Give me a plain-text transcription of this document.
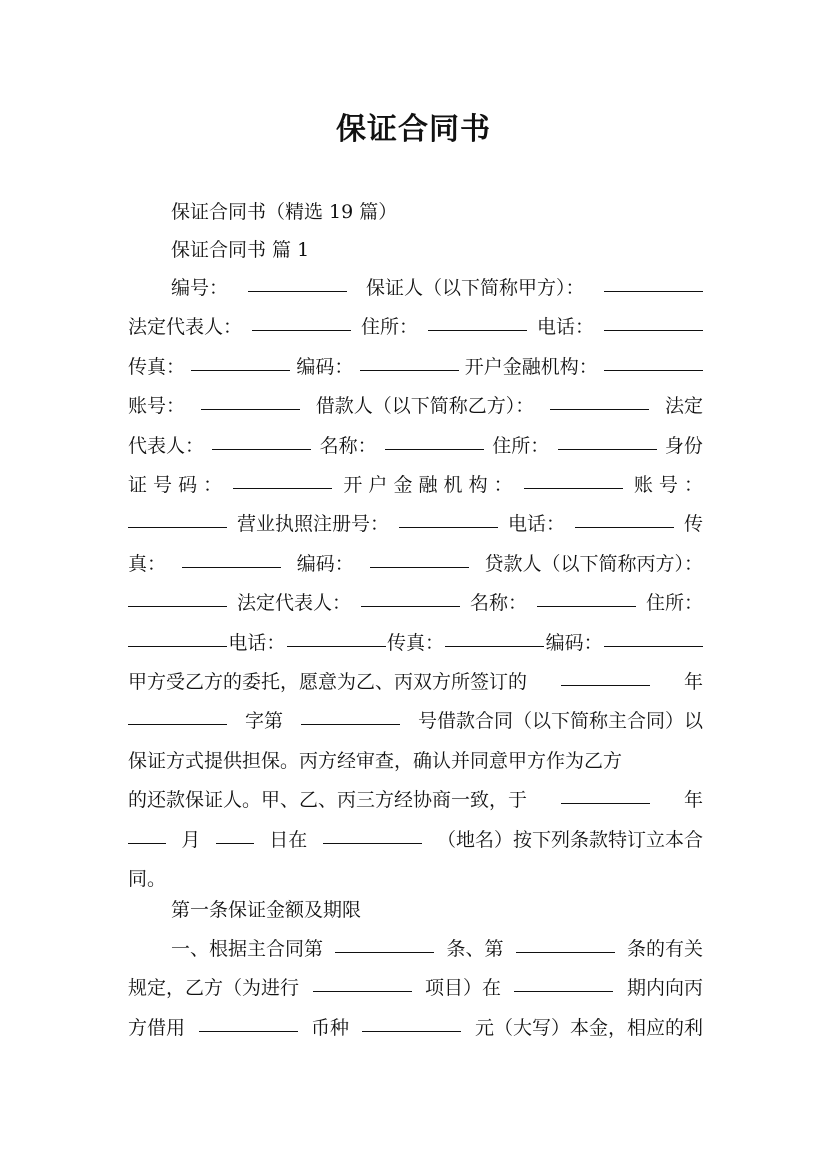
保证合同书
保证合同书（精选 19 篇）
保证合同书 篇 1
编号：	保证人（以下简称甲方）：
法定代表人：	住所：	电话：
传真：	编码：	开户金融机构：
账号：	借款人（以下简称乙方）：	法定
代表人：	名称：	住所：	身份
证 号 码 ：	开 户 金 融 机 构 ：	账 号 ：
营业执照注册号：	电话：	传
真：	编码：	贷款人（以下简称丙方）：
法定代表人：	名称：	住所：
电话：	传真：	编码：
甲方受乙方的委托，愿意为乙、丙双方所签订的	年
字第	号借款合同（以下简称主合同）以
保证方式提供担保。丙方经审查，确认并同意甲方作为乙方
的还款保证人。甲、乙、丙三方经协商一致，于	年
月	日在	（地名）按下列条款特订立本合
同。
第一条保证金额及期限
一、根据主合同第	条、第	条的有关
规定，乙方（为进行	项目）在	期内向丙
方借用	币种	元（大写）本金，相应的利
